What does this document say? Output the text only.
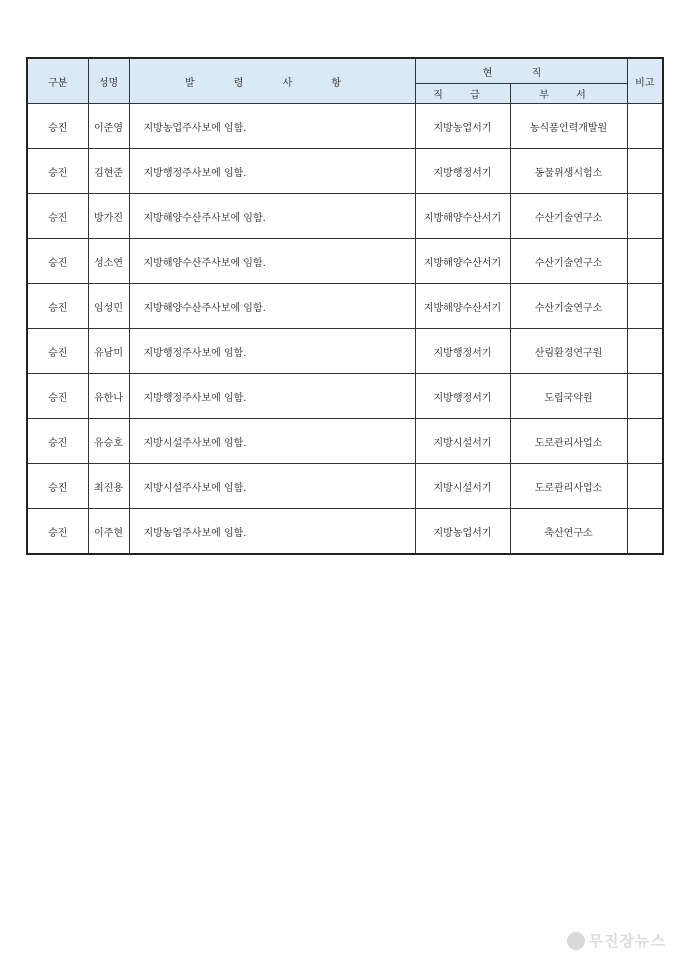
구분	성명	발 령 사 항	현 직		비고
			직 급	부 서	
승진	이준영	지방농업주사보에 임함.	지방농업서기	농식품인력개발원	
승진	김현준	지방행정주사보에 임함.	지방행정서기	동물위생시험소	
승진	방가진	지방해양수산주사보에 임함.	지방해양수산서기	수산기술연구소	
승진	성소연	지방해양수산주사보에 임함.	지방해양수산서기	수산기술연구소	
승진	임성민	지방해양수산주사보에 임함.	지방해양수산서기	수산기술연구소	
승진	유남미	지방행정주사보에 임함.	지방행정서기	산림환경연구원	
승진	유한나	지방행정주사보에 임함.	지방행정서기	도립국악원	
승진	유승호	지방시설주사보에 임함.	지방시설서기	도로관리사업소	
승진	최진용	지방시설주사보에 임함.	지방시설서기	도로관리사업소	
승진	이주현	지방농업주사보에 임함.	지방농업서기	축산연구소	
무진장뉴스
